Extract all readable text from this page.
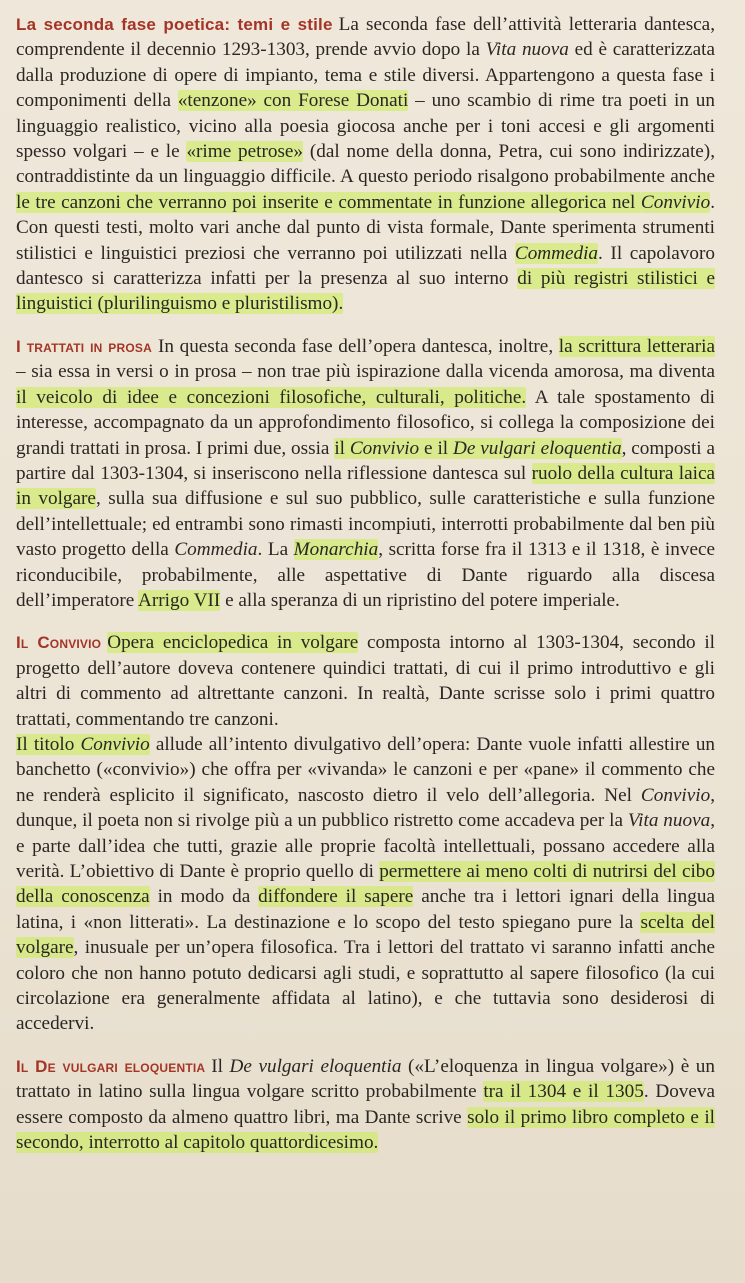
La seconda fase poetica: temi e stile La seconda fase dell’attività letteraria dantesca, comprendente il decennio 1293-1303, prende avvio dopo la Vita nuova ed è caratterizzata dalla produzione di opere di impianto, tema e stile diversi. Appartengono a questa fase i componimenti della «tenzone» con Forese Donati – uno scambio di rime tra poeti in un linguaggio realistico, vicino alla poesia giocosa anche per i toni accesi e gli argomenti spesso volgari – e le «rime petrose» (dal nome della donna, Petra, cui sono indirizzate), contraddistinte da un linguaggio difficile. A questo periodo risalgono probabilmente anche le tre canzoni che verranno poi inserite e commentate in funzione allegorica nel Convivio. Con questi testi, molto vari anche dal punto di vista formale, Dante sperimenta strumenti stilistici e linguistici preziosi che verranno poi utilizzati nella Commedia. Il capolavoro dantesco si caratterizza infatti per la presenza al suo interno di più registri stilistici e linguistici (plurilinguismo e pluristilismo).

I trattati in prosa In questa seconda fase dell’opera dantesca, inoltre, la scrittura letteraria – sia essa in versi o in prosa – non trae più ispirazione dalla vicenda amorosa, ma diventa il veicolo di idee e concezioni filosofiche, culturali, politiche. A tale spostamento di interesse, accompagnato da un approfondimento filosofico, si collega la composizione dei grandi trattati in prosa. I primi due, ossia il Convivio e il De vulgari eloquentia, composti a partire dal 1303-1304, si inseriscono nella riflessione dantesca sul ruolo della cultura laica in volgare, sulla sua diffusione e sul suo pubblico, sulle caratteristiche e sulla funzione dell’intellettuale; ed entrambi sono rimasti incompiuti, interrotti probabilmente dal ben più vasto progetto della Commedia. La Monarchia, scritta forse fra il 1313 e il 1318, è invece riconducibile, probabilmente, alle aspettative di Dante riguardo alla discesa dell’imperatore Arrigo VII e alla speranza di un ripristino del potere imperiale.

Il Convivio Opera enciclopedica in volgare composta intorno al 1303-1304, secondo il progetto dell’autore doveva contenere quindici trattati, di cui il primo introduttivo e gli altri di commento ad altrettante canzoni. In realtà, Dante scrisse solo i primi quattro trattati, commentando tre canzoni.

Il titolo Convivio allude all’intento divulgativo dell’opera: Dante vuole infatti allestire un banchetto («convivio») che offra per «vivanda» le canzoni e per «pane» il commento che ne renderà esplicito il significato, nascosto dietro il velo dell’allegoria. Nel Convivio, dunque, il poeta non si rivolge più a un pubblico ristretto come accadeva per la Vita nuova, e parte dall’idea che tutti, grazie alle proprie facoltà intellettuali, possano accedere alla verità. L’obiettivo di Dante è proprio quello di permettere ai meno colti di nutrirsi del cibo della conoscenza in modo da diffondere il sapere anche tra i lettori ignari della lingua latina, i «non litterati». La destinazione e lo scopo del testo spiegano pure la scelta del volgare, inusuale per un’opera filosofica. Tra i lettori del trattato vi saranno infatti anche coloro che non hanno potuto dedicarsi agli studi, e soprattutto al sapere filosofico (la cui circolazione era generalmente affidata al latino), e che tuttavia sono desiderosi di accedervi.

Il De vulgari eloquentia Il De vulgari eloquentia («L’eloquenza in lingua volgare») è un trattato in latino sulla lingua volgare scritto probabilmente tra il 1304 e il 1305. Doveva essere composto da almeno quattro libri, ma Dante scrive solo il primo libro completo e il secondo, interrotto al capitolo quattordicesimo.
